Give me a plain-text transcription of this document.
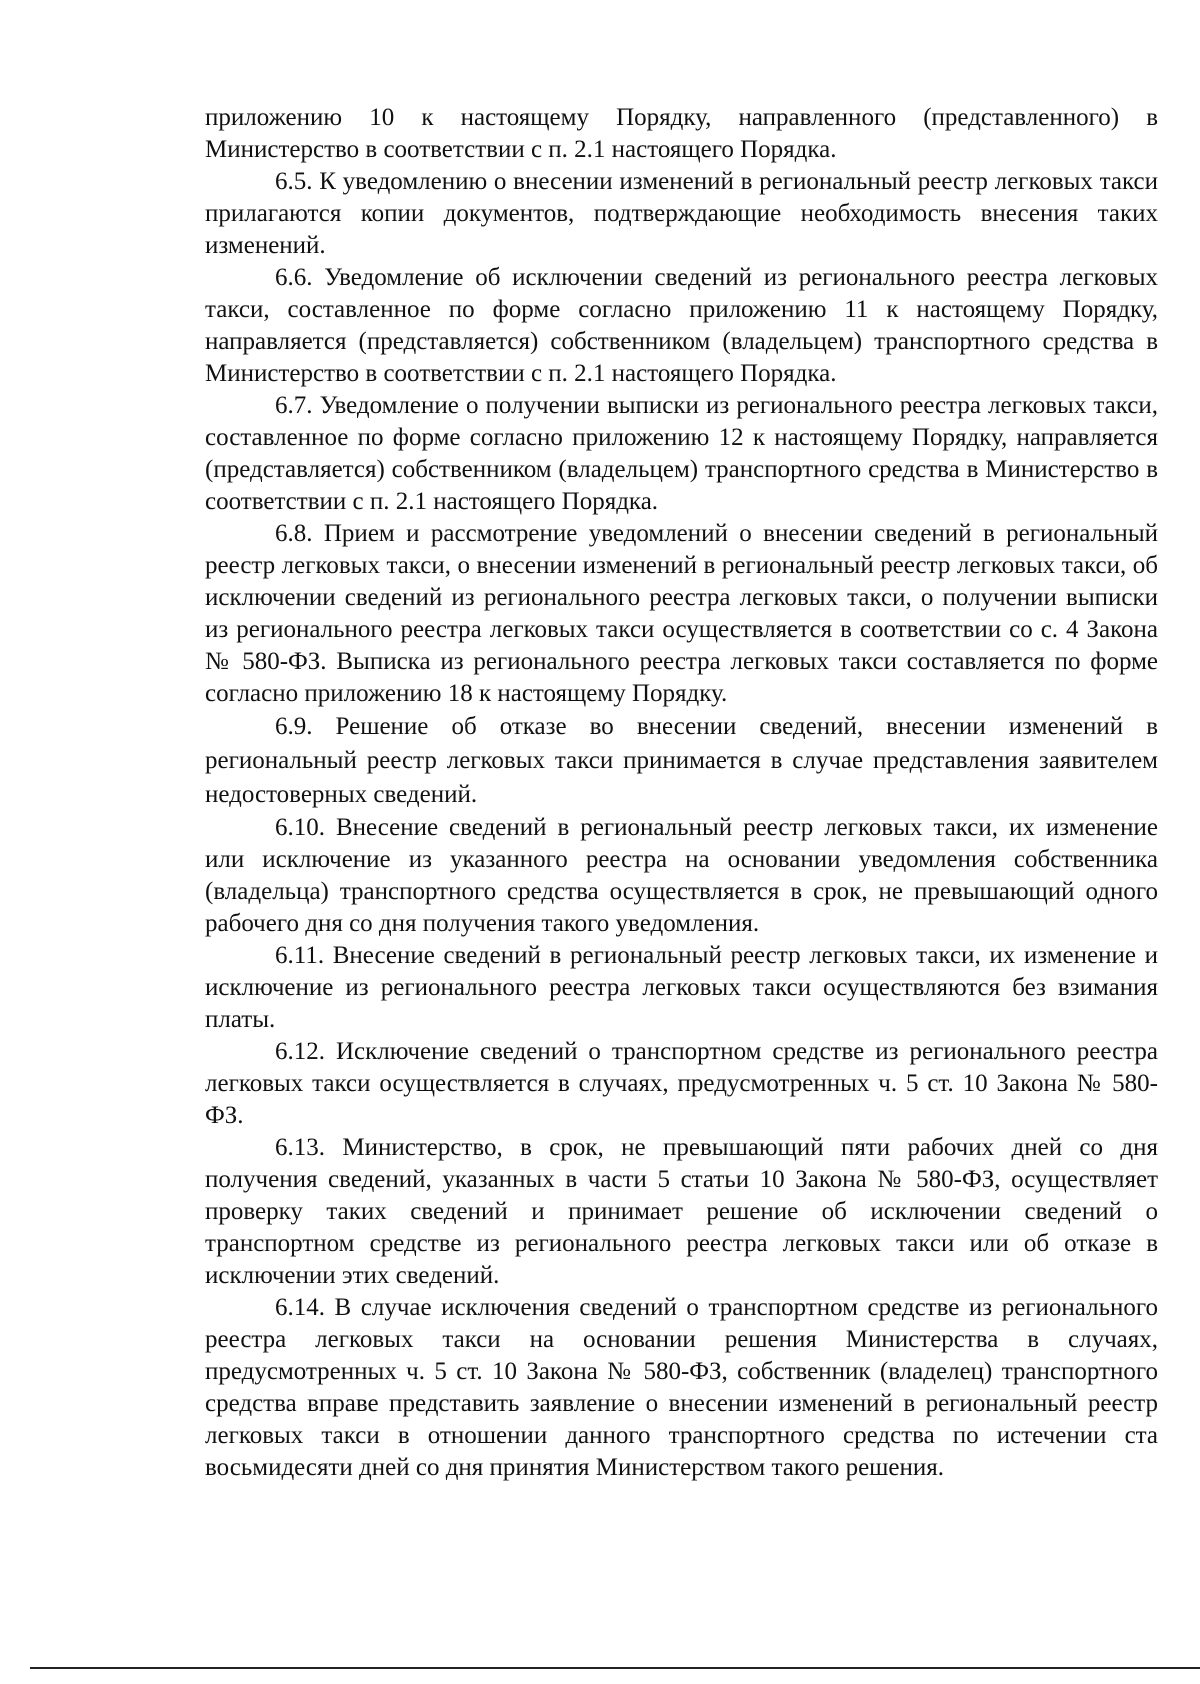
приложению 10 к настоящему Порядку, направленного (представленного) в Министерство в соответствии с п. 2.1 настоящего Порядка.

6.5. К уведомлению о внесении изменений в региональный реестр легковых такси прилагаются копии документов, подтверждающие необходимость внесения таких изменений.

6.6. Уведомление об исключении сведений из регионального реестра легковых такси, составленное по форме согласно приложению 11 к настоящему Порядку, направляется (представляется) собственником (владельцем) транспортного средства в Министерство в соответствии с п. 2.1 настоящего Порядка.

6.7. Уведомление о получении выписки из регионального реестра легковых такси, составленное по форме согласно приложению 12 к настоящему Порядку, направляется (представляется) собственником (владельцем) транспортного средства в Министерство в соответствии с п. 2.1 настоящего Порядка.

6.8. Прием и рассмотрение уведомлений о внесении сведений в региональный реестр легковых такси, о внесении изменений в региональный реестр легковых такси, об исключении сведений из регионального реестра легковых такси, о получении выписки из регионального реестра легковых такси осуществляется в соответствии со с. 4 Закона № 580-ФЗ. Выписка из регионального реестра легковых такси составляется по форме согласно приложению 18 к настоящему Порядку.

6.9. Решение об отказе во внесении сведений, внесении изменений в региональный реестр легковых такси принимается в случае представления заявителем недостоверных сведений.

6.10. Внесение сведений в региональный реестр легковых такси, их изменение или исключение из указанного реестра на основании уведомления собственника (владельца) транспортного средства осуществляется в срок, не превышающий одного рабочего дня со дня получения такого уведомления.

6.11. Внесение сведений в региональный реестр легковых такси, их изменение и исключение из регионального реестра легковых такси осуществляются без взимания платы.

6.12. Исключение сведений о транспортном средстве из регионального реестра легковых такси осуществляется в случаях, предусмотренных ч. 5 ст. 10 Закона № 580-ФЗ.

6.13. Министерство, в срок, не превышающий пяти рабочих дней со дня получения сведений, указанных в части 5 статьи 10 Закона № 580-ФЗ, осуществляет проверку таких сведений и принимает решение об исключении сведений о транспортном средстве из регионального реестра легковых такси или об отказе в исключении этих сведений.

6.14. В случае исключения сведений о транспортном средстве из регионального реестра легковых такси на основании решения Министерства в случаях, предусмотренных ч. 5 ст. 10 Закона № 580-ФЗ, собственник (владелец) транспортного средства вправе представить заявление о внесении изменений в региональный реестр легковых такси в отношении данного транспортного средства по истечении ста восьмидесяти дней со дня принятия Министерством такого решения.
